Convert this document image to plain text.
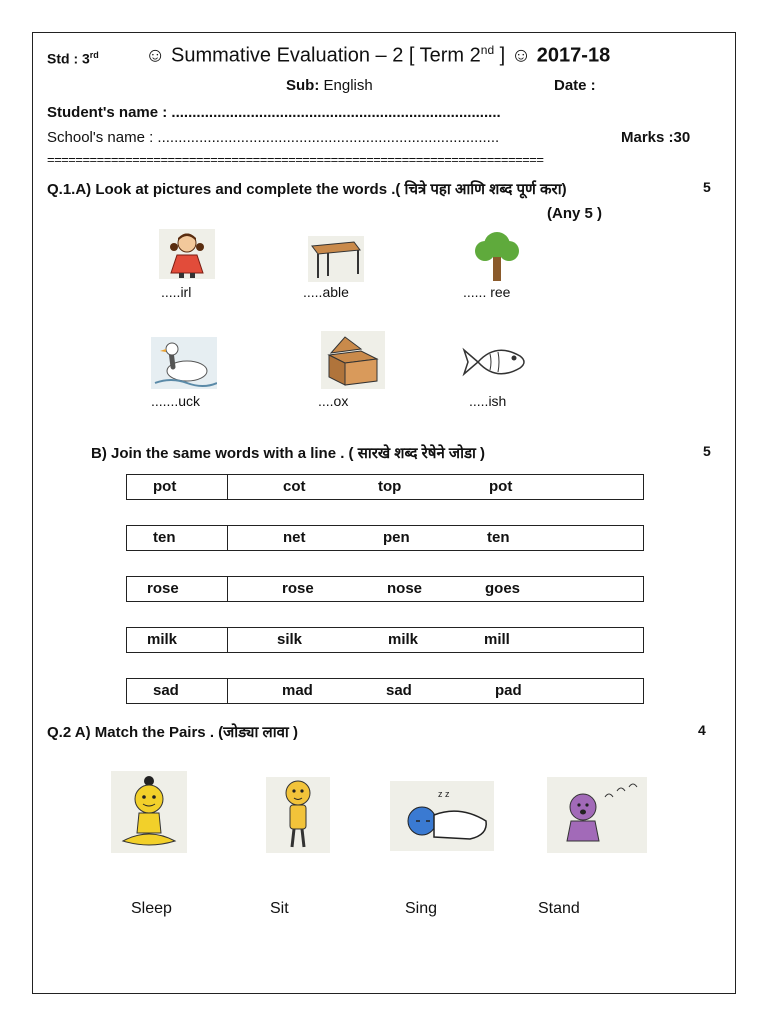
Std : 3rd ☺ Summative Evaluation – 2 [ Term 2nd ] ☺ 2017-18
Sub: English	Date :
Student's name : ...............................................................................
School's name : ..................................................................................	Marks :30
======================================================================
Q.1.A) Look at pictures and complete the words .( चित्रे पहा आणि शब्द पूर्ण करा)	5
(Any 5 )
.....irl	.....able	...... ree
.......uck	....ox	.....ish
B) Join the same words with a line . ( सारखे शब्द रेषेने जोडा )	5
pot	cot	top	pot
ten	net	pen	ten
rose	rose	nose	goes
milk	silk	milk	mill
sad	mad	sad	pad
Q.2 A) Match the Pairs . (जोड्या लावा )	4
z z
Sleep	Sit	Sing	Stand
